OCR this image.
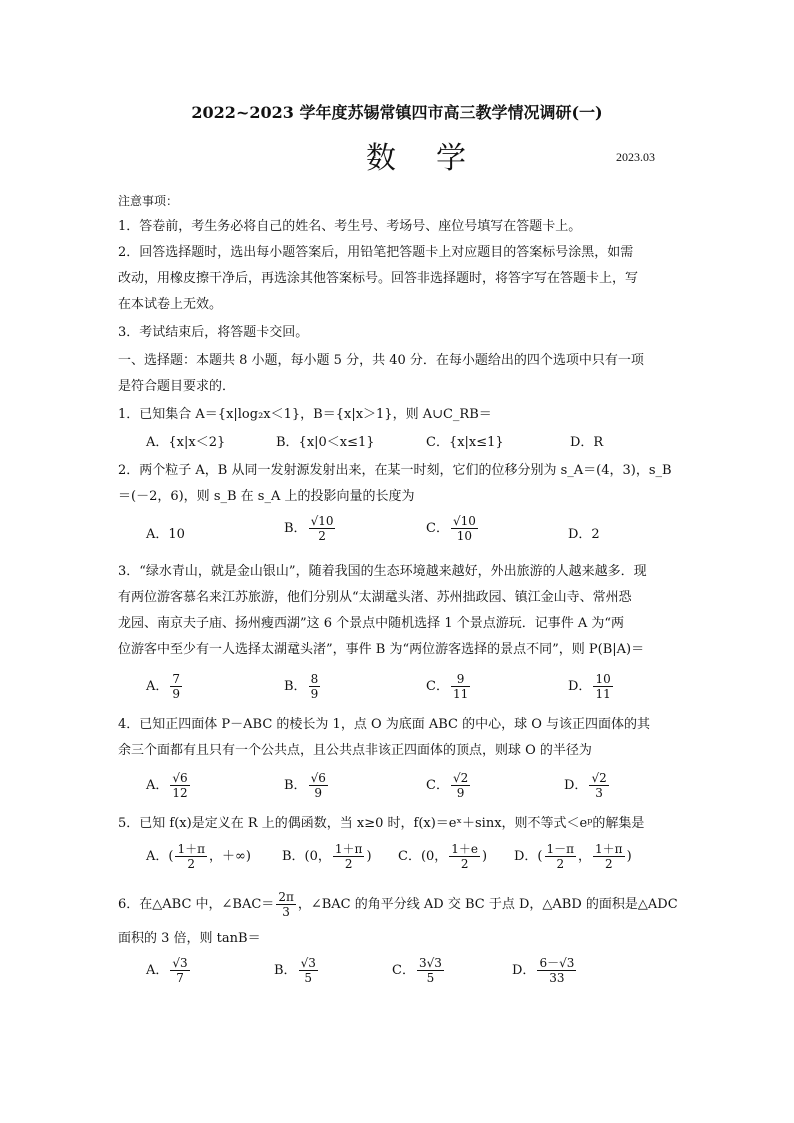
2022~2023 学年度苏锡常镇四市高三教学情况调研(一)
数学	2023.03
注意事项：
1．答卷前，考生务必将自己的姓名、考生号、考场号、座位号填写在答题卡上。
2．回答选择题时，选出每小题答案后，用铅笔把答题卡上对应题目的答案标号涂黑，如需
改动，用橡皮擦干净后，再选涂其他答案标号。回答非选择题时，将答字写在答题卡上，写
在本试卷上无效。
3．考试结束后，将答题卡交回。
一、选择题：本题共 8 小题，每小题 5 分，共 40 分．在每小题给出的四个选项中只有一项
是符合题目要求的．
1．已知集合 A＝{x|log₂x＜1}，B＝{x|x＞1}，则 A∪C_RB＝
A．{x|x＜2}	B．{x|0＜x≤1}	C．{x|x≤1}	D．R
2．两个粒子 A，B 从同一发射源发射出来，在某一时刻，它们的位移分别为 s_A＝(4，3)，s_B
＝(－2，6)，则 s_B 在 s_A 上的投影向量的长度为
A．10	B． $\frac{√10}{2}$	C． $\frac{√10}{10}$	D．2
3．“绿水青山，就是金山银山”，随着我国的生态环境越来越好，外出旅游的人越来越多．现
有两位游客慕名来江苏旅游，他们分别从“太湖鼋头渚、苏州拙政园、镇江金山寺、常州恐
龙园、南京夫子庙、扬州瘦西湖”这 6 个景点中随机选择 1 个景点游玩．记事件 A 为“两
位游客中至少有一人选择太湖鼋头渚”，事件 B 为“两位游客选择的景点不同”，则 P(B|A)＝
A． $\frac{7}{9}$	B． $\frac{8}{9}$	C． $\frac{9}{11}$	D． $\frac{10}{11}$
4．已知正四面体 P－ABC 的棱长为 1，点 O 为底面 ABC 的中心，球 O 与该正四面体的其
余三个面都有且只有一个公共点，且公共点非该正四面体的顶点，则球 O 的半径为
A． $\frac{√6}{12}$	B． $\frac{√6}{9}$	C． $\frac{√2}{9}$	D． $\frac{√2}{3}$
5．已知 f(x)是定义在 R 上的偶函数，当 x≥0 时，f(x)＝eˣ＋sinx，则不等式＜eᵖ的解集是
A．( $\frac{1+\pi}{2}$ ，＋∞) B．(0， $\frac{1+\pi}{2}$ ) C．(0， $\frac{1+e}{2}$ ) D．( $\frac{1-\pi}{2}$ ， $\frac{1+\pi}{2}$ )
6．在△ABC 中，∠BAC＝ $\frac{2\pi}{3}$ ，∠BAC 的角平分线 AD 交 BC 于点 D，△ABD 的面积是△ADC
面积的 3 倍，则 tanB＝
A． $\frac{√3}{7}$	B． $\frac{√3}{5}$	C． $\frac{3√3}{5}$	D． $\frac{6-√3}{33}$
